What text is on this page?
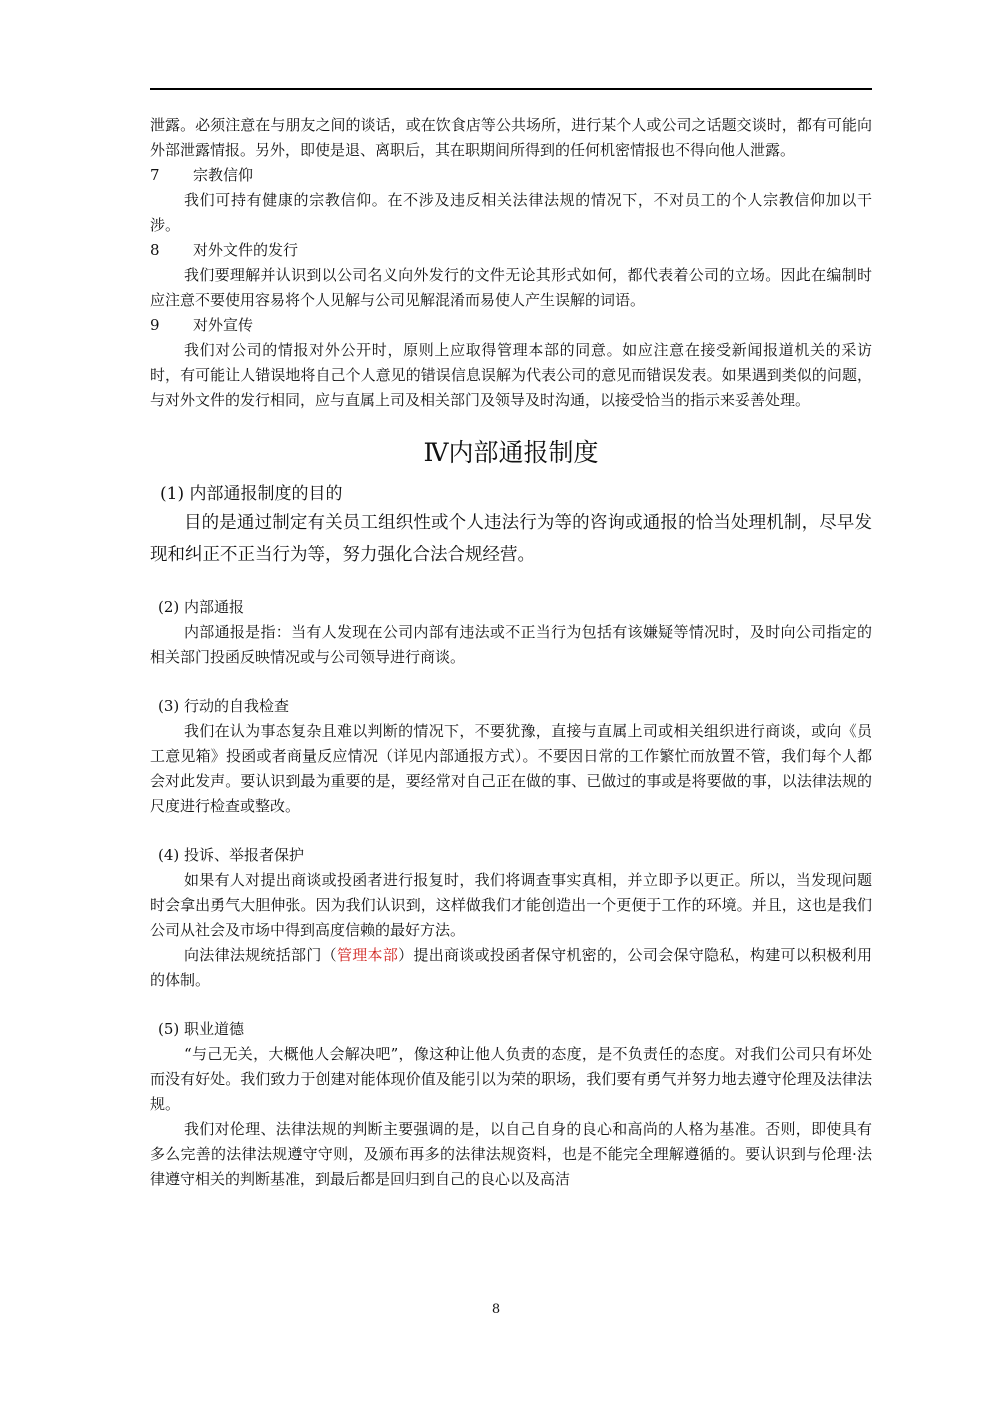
泄露。必须注意在与朋友之间的谈话，或在饮食店等公共场所，进行某个人或公司之话题交谈时，都有可能向外部泄露情报。另外，即使是退、离职后，其在职期间所得到的任何机密情报也不得向他人泄露。

7	宗教信仰

我们可持有健康的宗教信仰。在不涉及违反相关法律法规的情况下，不对员工的个人宗教信仰加以干涉。

8	对外文件的发行

我们要理解并认识到以公司名义向外发行的文件无论其形式如何，都代表着公司的立场。因此在编制时应注意不要使用容易将个人见解与公司见解混淆而易使人产生误解的词语。

9	对外宣传

我们对公司的情报对外公开时，原则上应取得管理本部的同意。如应注意在接受新闻报道机关的采访时，有可能让人错误地将自己个人意见的错误信息误解为代表公司的意见而错误发表。如果遇到类似的问题，与对外文件的发行相同，应与直属上司及相关部门及领导及时沟通，以接受恰当的指示来妥善处理。

Ⅳ内部通报制度
(1) 内部通报制度的目的

目的是通过制定有关员工组织性或个人违法行为等的咨询或通报的恰当处理机制，尽早发现和纠正不正当行为等，努力强化合法合规经营。

(2) 内部通报

内部通报是指：当有人发现在公司内部有违法或不正当行为包括有该嫌疑等情况时，及时向公司指定的相关部门投函反映情况或与公司领导进行商谈。

(3) 行动的自我检查

我们在认为事态复杂且难以判断的情况下，不要犹豫，直接与直属上司或相关组织进行商谈，或向《员工意见箱》投函或者商量反应情况（详见内部通报方式）。不要因日常的工作繁忙而放置不管，我们每个人都会对此发声。要认识到最为重要的是，要经常对自己正在做的事、已做过的事或是将要做的事，以法律法规的尺度进行检查或整改。

(4) 投诉、举报者保护

如果有人对提出商谈或投函者进行报复时，我们将调查事实真相，并立即予以更正。所以，当发现问题时会拿出勇气大胆伸张。因为我们认识到，这样做我们才能创造出一个更便于工作的环境。并且，这也是我们公司从社会及市场中得到高度信赖的最好方法。

向法律法规统括部门（管理本部）提出商谈或投函者保守机密的，公司会保守隐私，构建可以积极利用的体制。

(5) 职业道德

“与己无关，大概他人会解决吧”，像这种让他人负责的态度，是不负责任的态度。对我们公司只有坏处而没有好处。我们致力于创建对能体现价值及能引以为荣的职场，我们要有勇气并努力地去遵守伦理及法律法规。

我们对伦理、法律法规的判断主要强调的是，以自己自身的良心和高尚的人格为基准。否则，即使具有多么完善的法律法规遵守守则，及颁布再多的法律法规资料，也是不能完全理解遵循的。要认识到与伦理·法律遵守相关的判断基准，到最后都是回归到自己的良心以及高洁

8
